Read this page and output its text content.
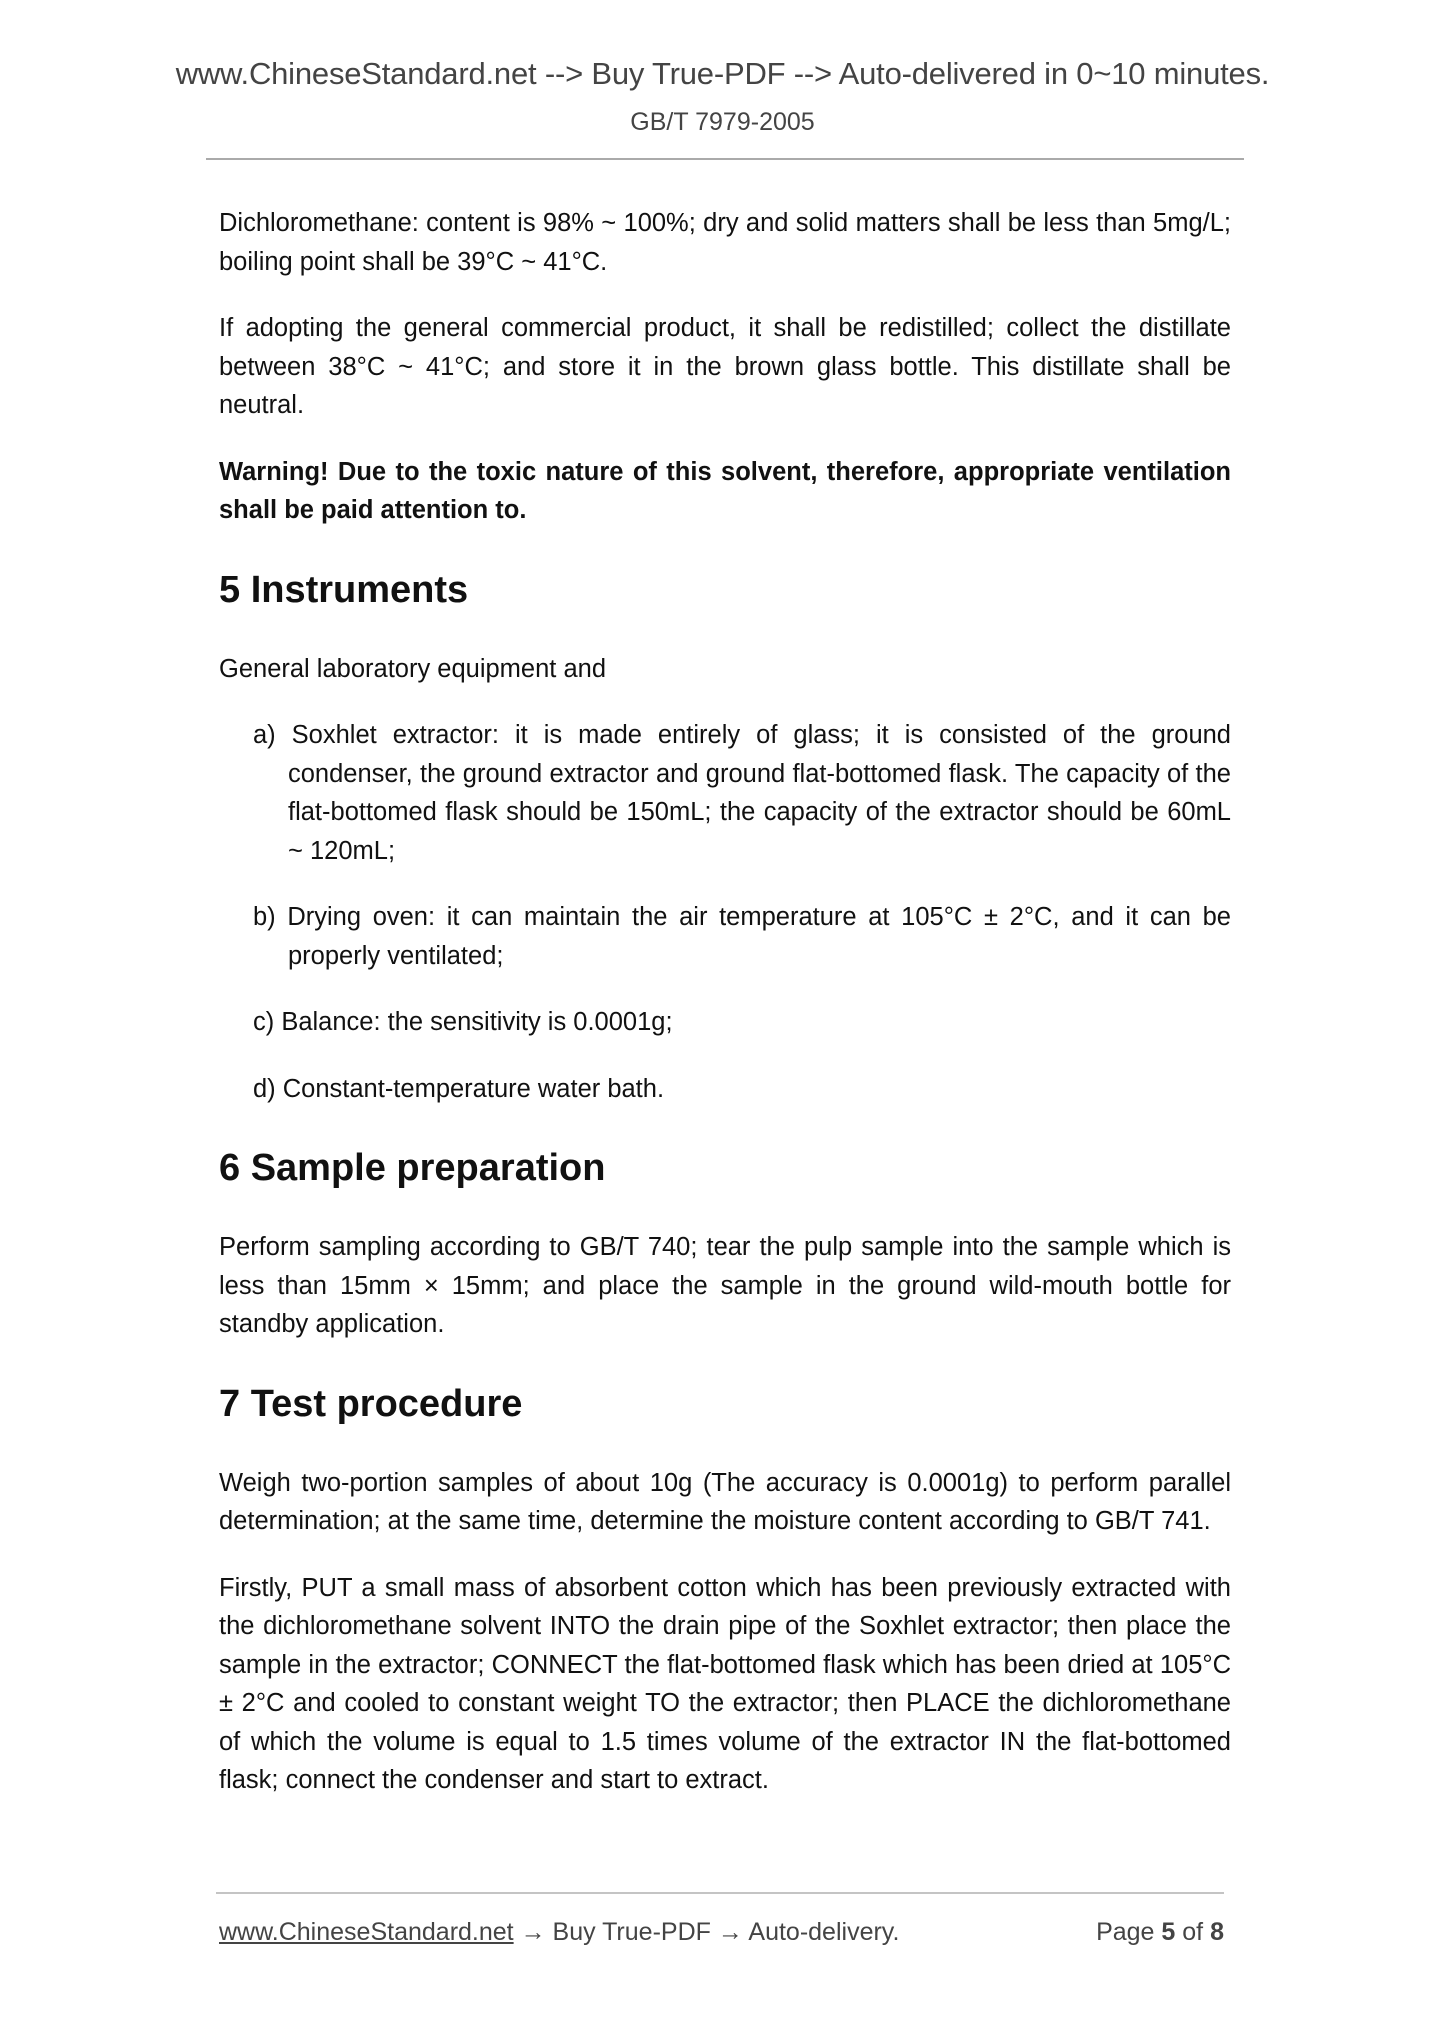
www.ChineseStandard.net --> Buy True-PDF --> Auto-delivered in 0~10 minutes.
GB/T 7979-2005

Dichloromethane: content is 98% ~ 100%; dry and solid matters shall be less than 5mg/L; boiling point shall be 39°C ~ 41°C.

If adopting the general commercial product, it shall be redistilled; collect the distillate between 38°C ~ 41°C; and store it in the brown glass bottle. This distillate shall be neutral.

Warning! Due to the toxic nature of this solvent, therefore, appropriate ventilation shall be paid attention to.

5 Instruments

General laboratory equipment and

a) Soxhlet extractor: it is made entirely of glass; it is consisted of the ground condenser, the ground extractor and ground flat-bottomed flask. The capacity of the flat-bottomed flask should be 150mL; the capacity of the extractor should be 60mL ~ 120mL;
b) Drying oven: it can maintain the air temperature at 105°C ± 2°C, and it can be properly ventilated;
c) Balance: the sensitivity is 0.0001g;
d) Constant-temperature water bath.
6 Sample preparation

Perform sampling according to GB/T 740; tear the pulp sample into the sample which is less than 15mm × 15mm; and place the sample in the ground wild-mouth bottle for standby application.

7 Test procedure

Weigh two-portion samples of about 10g (The accuracy is 0.0001g) to perform parallel determination; at the same time, determine the moisture content according to GB/T 741.

Firstly, PUT a small mass of absorbent cotton which has been previously extracted with the dichloromethane solvent INTO the drain pipe of the Soxhlet extractor; then place the sample in the extractor; CONNECT the flat-bottomed flask which has been dried at 105°C ± 2°C and cooled to constant weight TO the extractor; then PLACE the dichloromethane of which the volume is equal to 1.5 times volume of the extractor IN the flat-bottomed flask; connect the condenser and start to extract.

www.ChineseStandard.net → Buy True-PDF → Auto-delivery.	Page 5 of 8
